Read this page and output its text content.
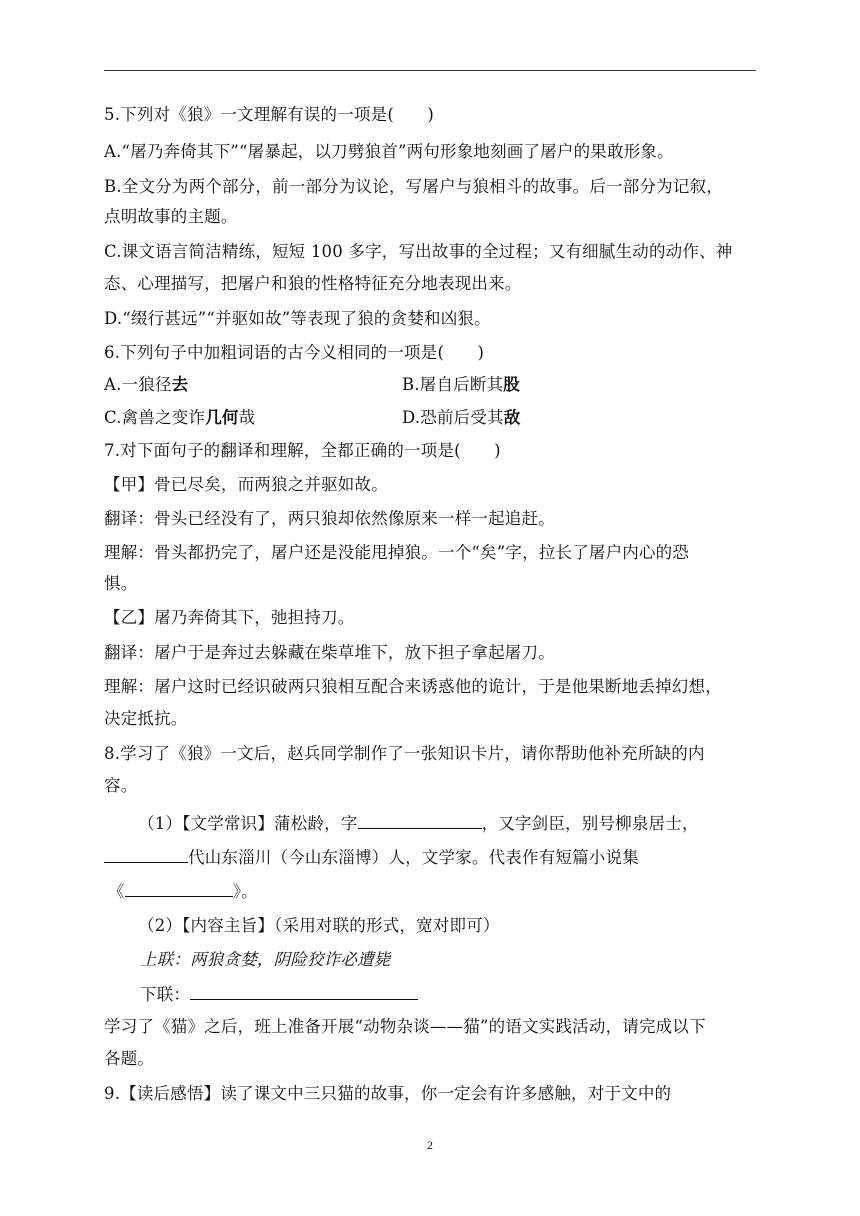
5.下列对《狼》一文理解有误的一项是(　　)
A.“屠乃奔倚其下”“屠暴起，以刀劈狼首”两句形象地刻画了屠户的果敢形象。
B.全文分为两个部分，前一部分为议论，写屠户与狼相斗的故事。后一部分为记叙，
点明故事的主题。
C.课文语言简洁精练，短短 100 多字，写出故事的全过程；又有细腻生动的动作、神
态、心理描写，把屠户和狼的性格特征充分地表现出来。
D.“缀行甚远”“并驱如故”等表现了狼的贪婪和凶狠。
6.下列句子中加粗词语的古今义相同的一项是(　　)
A.一狼径去	B.屠自后断其股
C.禽兽之变诈几何哉	D.恐前后受其敌
7.对下面句子的翻译和理解，全都正确的一项是(　　)
【甲】骨已尽矣，而两狼之并驱如故。
翻译：骨头已经没有了，两只狼却依然像原来一样一起追赶。
理解：骨头都扔完了，屠户还是没能甩掉狼。一个“矣”字，拉长了屠户内心的恐
惧。
【乙】屠乃奔倚其下，弛担持刀。
翻译：屠户于是奔过去躲藏在柴草堆下，放下担子拿起屠刀。
理解：屠户这时已经识破两只狼相互配合来诱惑他的诡计，于是他果断地丢掉幻想，
决定抵抗。
8.学习了《狼》一文后，赵兵同学制作了一张知识卡片，请你帮助他补充所缺的内
容。
（1）【文学常识】蒲松龄，字	，又字剑臣，别号柳泉居士，
代山东淄川（今山东淄博）人，文学家。代表作有短篇小说集
《	》。
（2）【内容主旨】（采用对联的形式，宽对即可）
上联：两狼贪婪，阴险狡诈必遭毙
下联：
学习了《猫》之后，班上准备开展“动物杂谈——猫”的语文实践活动，请完成以下
各题。
9.【读后感悟】读了课文中三只猫的故事，你一定会有许多感触，对于文中的
2
